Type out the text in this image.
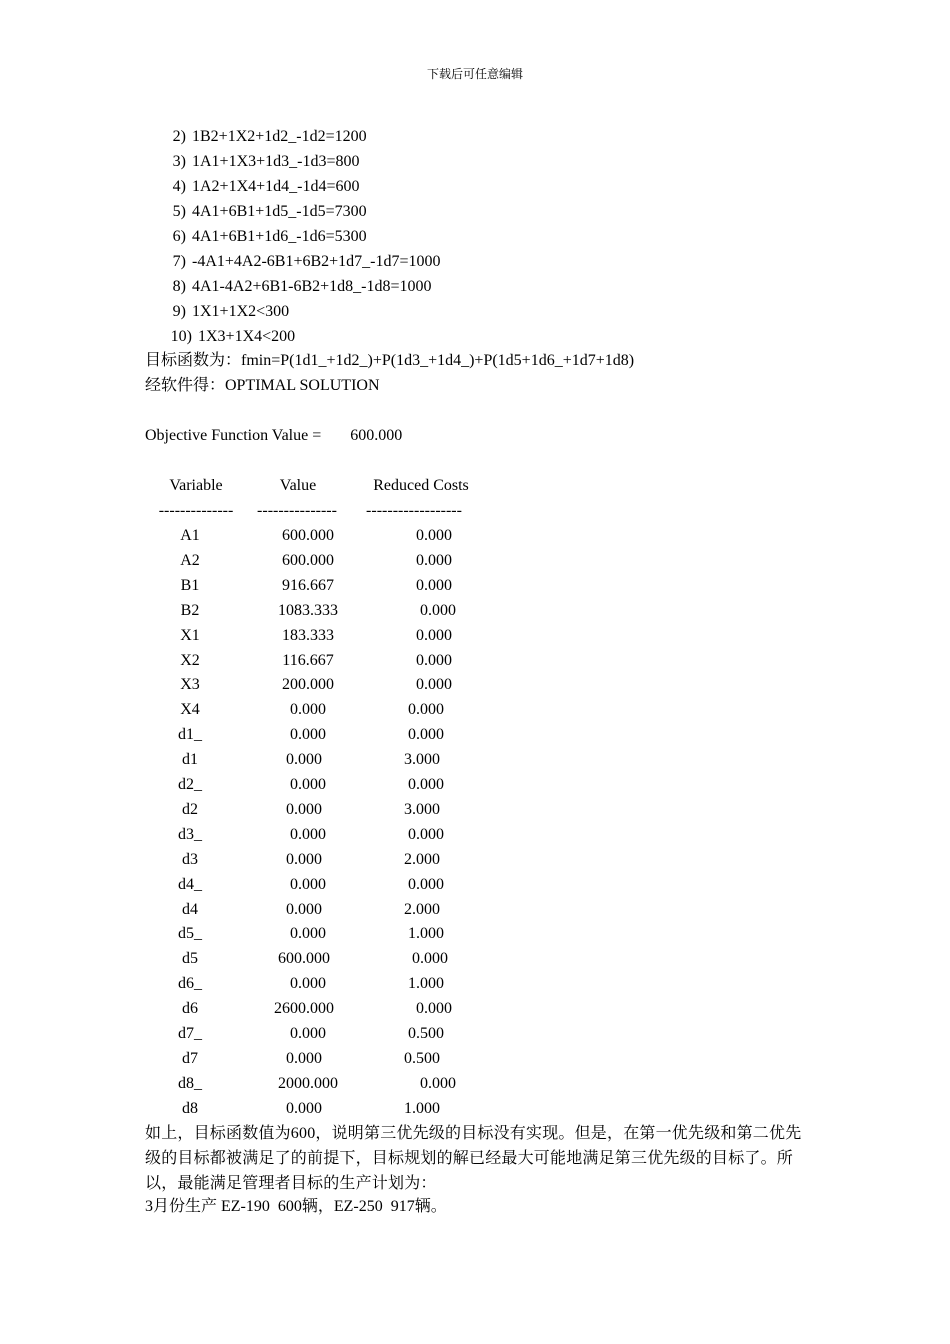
下载后可任意编辑
2) 1B2+1X2+1d2_-1d2=1200
3) 1A1+1X3+1d3_-1d3=800
4) 1A2+1X4+1d4_-1d4=600
5) 4A1+6B1+1d5_-1d5=7300
6) 4A1+6B1+1d6_-1d6=5300
7) -4A1+4A2-6B1+6B2+1d7_-1d7=1000
8) 4A1-4A2+6B1-6B2+1d8_-1d8=1000
9) 1X1+1X2<300
10) 1X3+1X4<200
目标函数为：fmin=P(1d1_+1d2_)+P(1d3_+1d4_)+P(1d5+1d6_+1d7+1d8)
经软件得：OPTIMAL SOLUTION
Objective Function Value = 600.000
Variable	Value	Reduced Costs
--------------	---------------	------------------
A1	600.000	0.000
A2	600.000	0.000
B1	916.667	0.000
B2	1083.333	0.000
X1	183.333	0.000
X2	116.667	0.000
X3	200.000	0.000
X4	0.000	0.000
d1_	0.000	0.000
d1	0.000	3.000
d2_	0.000	0.000
d2	0.000	3.000
d3_	0.000	0.000
d3	0.000	2.000
d4_	0.000	0.000
d4	0.000	2.000
d5_	0.000	1.000
d5	600.000	0.000
d6_	0.000	1.000
d6	2600.000	0.000
d7_	0.000	0.500
d7	0.000	0.500
d8_	2000.000	0.000
d8	0.000	1.000
如上，目标函数值为600，说明第三优先级的目标没有实现。但是，在第一优先级和第二优先级的目标都被满足了的前提下，目标规划的解已经最大可能地满足第三优先级的目标了。所以，最能满足管理者目标的生产计划为：
3月份生产 EZ-190  600辆，EZ-250  917辆。
